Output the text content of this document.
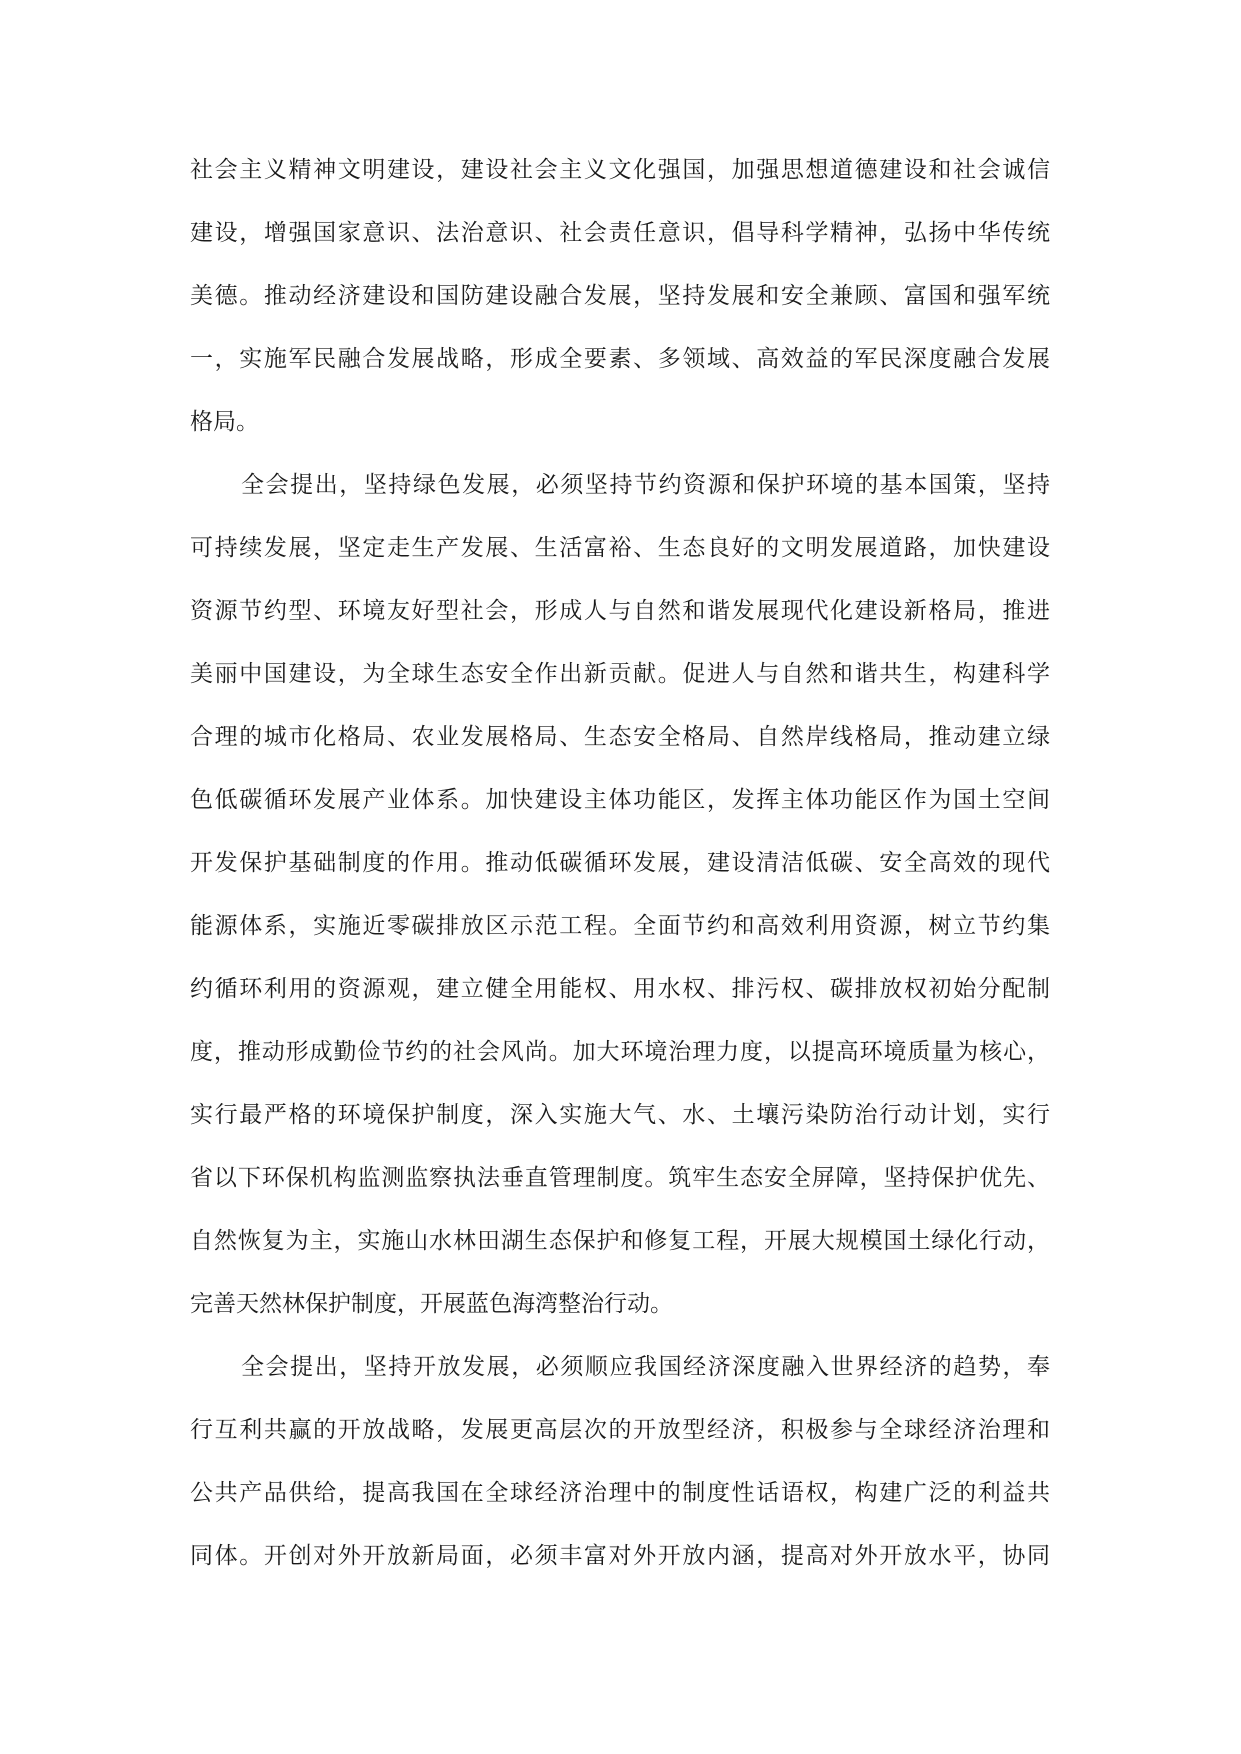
社会主义精神文明建设，建设社会主义文化强国，加强思想道德建设和社会诚信
建设，增强国家意识、法治意识、社会责任意识，倡导科学精神，弘扬中华传统
美德。推动经济建设和国防建设融合发展，坚持发展和安全兼顾、富国和强军统
一，实施军民融合发展战略，形成全要素、多领域、高效益的军民深度融合发展
格局。
全会提出，坚持绿色发展，必须坚持节约资源和保护环境的基本国策，坚持
可持续发展，坚定走生产发展、生活富裕、生态良好的文明发展道路，加快建设
资源节约型、环境友好型社会，形成人与自然和谐发展现代化建设新格局，推进
美丽中国建设，为全球生态安全作出新贡献。促进人与自然和谐共生，构建科学
合理的城市化格局、农业发展格局、生态安全格局、自然岸线格局，推动建立绿
色低碳循环发展产业体系。加快建设主体功能区，发挥主体功能区作为国土空间
开发保护基础制度的作用。推动低碳循环发展，建设清洁低碳、安全高效的现代
能源体系，实施近零碳排放区示范工程。全面节约和高效利用资源，树立节约集
约循环利用的资源观，建立健全用能权、用水权、排污权、碳排放权初始分配制
度，推动形成勤俭节约的社会风尚。加大环境治理力度，以提高环境质量为核心，
实行最严格的环境保护制度，深入实施大气、水、土壤污染防治行动计划，实行
省以下环保机构监测监察执法垂直管理制度。筑牢生态安全屏障，坚持保护优先、
自然恢复为主，实施山水林田湖生态保护和修复工程，开展大规模国土绿化行动，
完善天然林保护制度，开展蓝色海湾整治行动。
全会提出，坚持开放发展，必须顺应我国经济深度融入世界经济的趋势，奉
行互利共赢的开放战略，发展更高层次的开放型经济，积极参与全球经济治理和
公共产品供给，提高我国在全球经济治理中的制度性话语权，构建广泛的利益共
同体。开创对外开放新局面，必须丰富对外开放内涵，提高对外开放水平，协同
